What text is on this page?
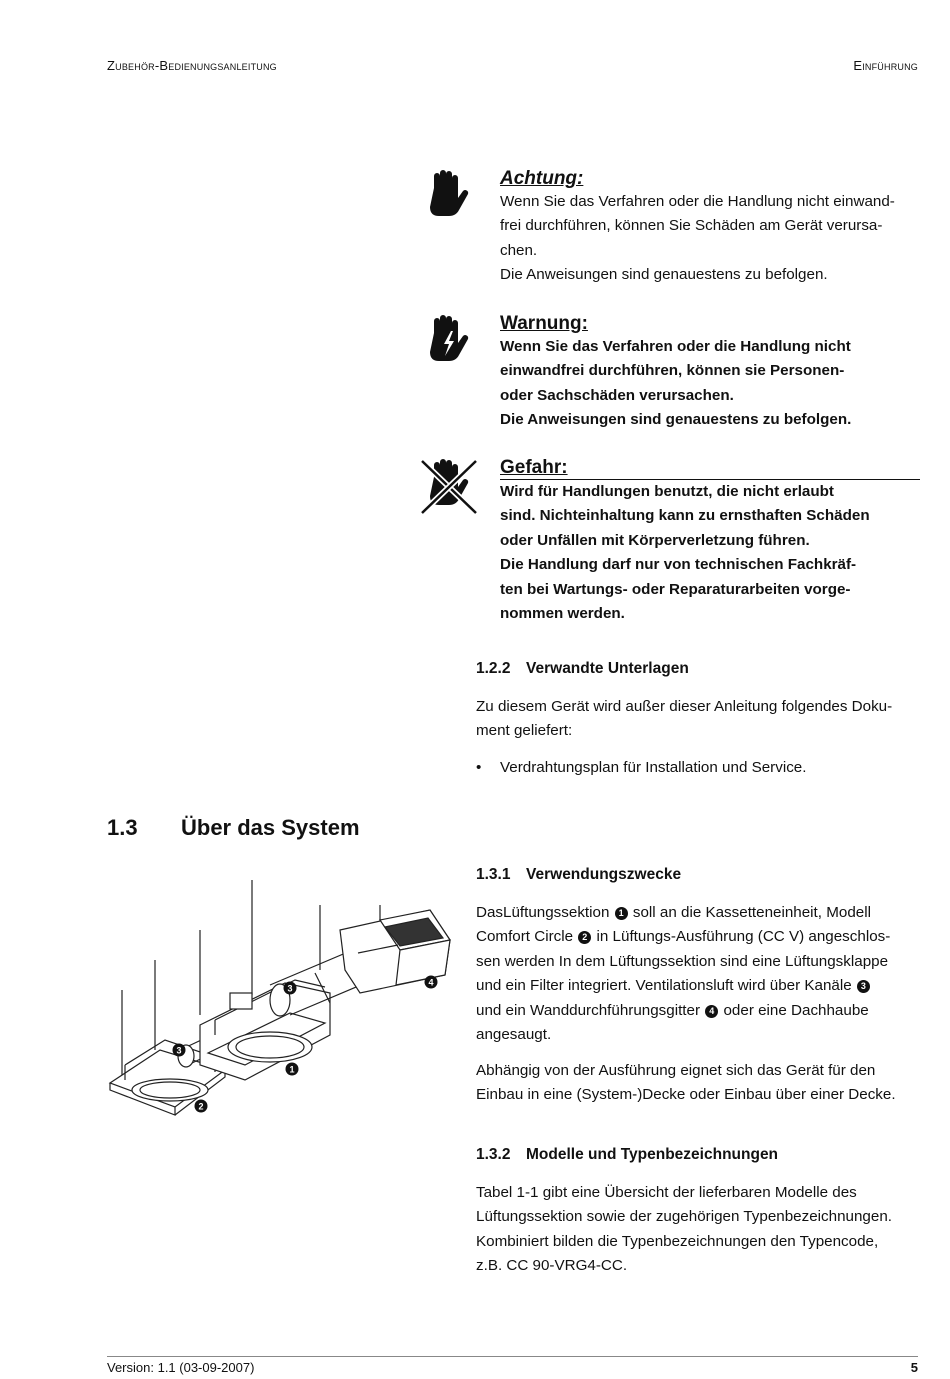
Zubehör-Bedienungsanleitung	Einführung

Achtung:

Wenn Sie das Verfahren oder die Handlung nicht einwand-

frei durchführen, können Sie Schäden am Gerät verursa-

chen.

Die Anweisungen sind genauestens zu befolgen.

Warnung:

Wenn Sie das Verfahren oder die Handlung nicht

einwandfrei durchführen, können sie Personen-

oder Sachschäden verursachen.

Die Anweisungen sind genauestens zu befolgen.

Gefahr:

Wird für Handlungen benutzt, die nicht erlaubt

sind. Nichteinhaltung kann zu ernsthaften Schäden

oder Unfällen mit Körperverletzung führen.

Die Handlung darf nur von technischen Fachkräf-

ten bei Wartungs- oder Reparaturarbeiten vorge-

nommen werden.

1.2.2 Verwandte Unterlagen
Zu diesem Gerät wird außer dieser Anleitung folgendes Doku-
ment geliefert:
• Verdrahtungsplan für Installation und Service.
1.3 Über das System
1.3.1 Verwendungszwecke
DasLüftungssektion 1 soll an die Kassetteneinheit, Modell
Comfort Circle 2 in Lüftungs-Ausführung (CC V) angeschlos-
sen werden In dem Lüftungssektion sind eine Lüftungsklappe
und ein Filter integriert. Ventilationsluft wird über Kanäle 3
und ein Wanddurchführungsgitter 4 oder eine Dachhaube
angesaugt.
Abhängig von der Ausführung eignet sich das Gerät für den
Einbau in eine (System-)Decke oder Einbau über einer Decke.
3
4
3
1
2
1.3.2 Modelle und Typenbezeichnungen
Tabel 1-1 gibt eine Übersicht der lieferbaren Modelle des
Lüftungssektion sowie der zugehörigen Typenbezeichnungen.
Kombiniert bilden die Typenbezeichnungen den Typencode,
z.B. CC 90-VRG4-CC.
Version: 1.1 (03-09-2007)	5
